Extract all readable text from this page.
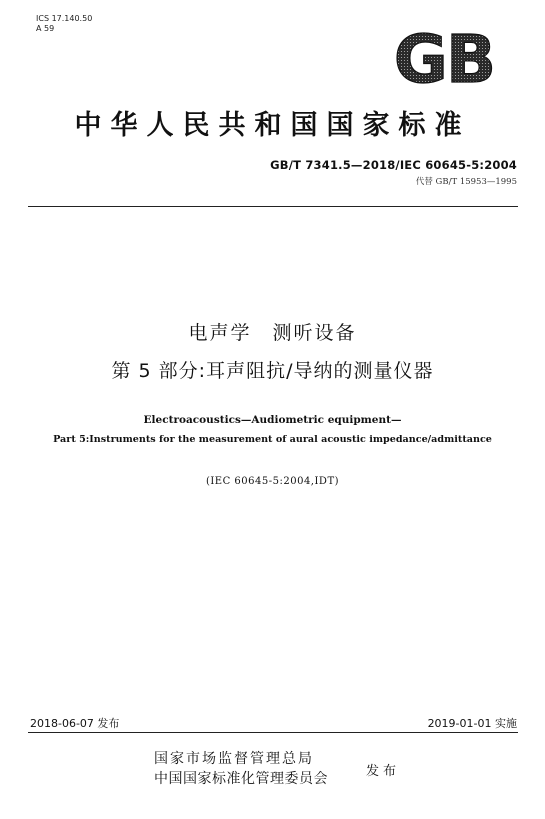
ICS 17.140.50
A 59	GB
中华人民共和国国家标准
GB/T 7341.5—2018/IEC 60645-5:2004
代替 GB/T 15953—1995
电声学　测听设备
第 5 部分:耳声阻抗/导纳的测量仪器
Electroacoustics—Audiometric equipment—
Part 5:Instruments for the measurement of aural acoustic impedance/admittance
(IEC 60645-5:2004,IDT)
2018-06-07 发布	2019-01-01 实施
国家市场监督管理总局
中国国家标准化管理委员会	发布
